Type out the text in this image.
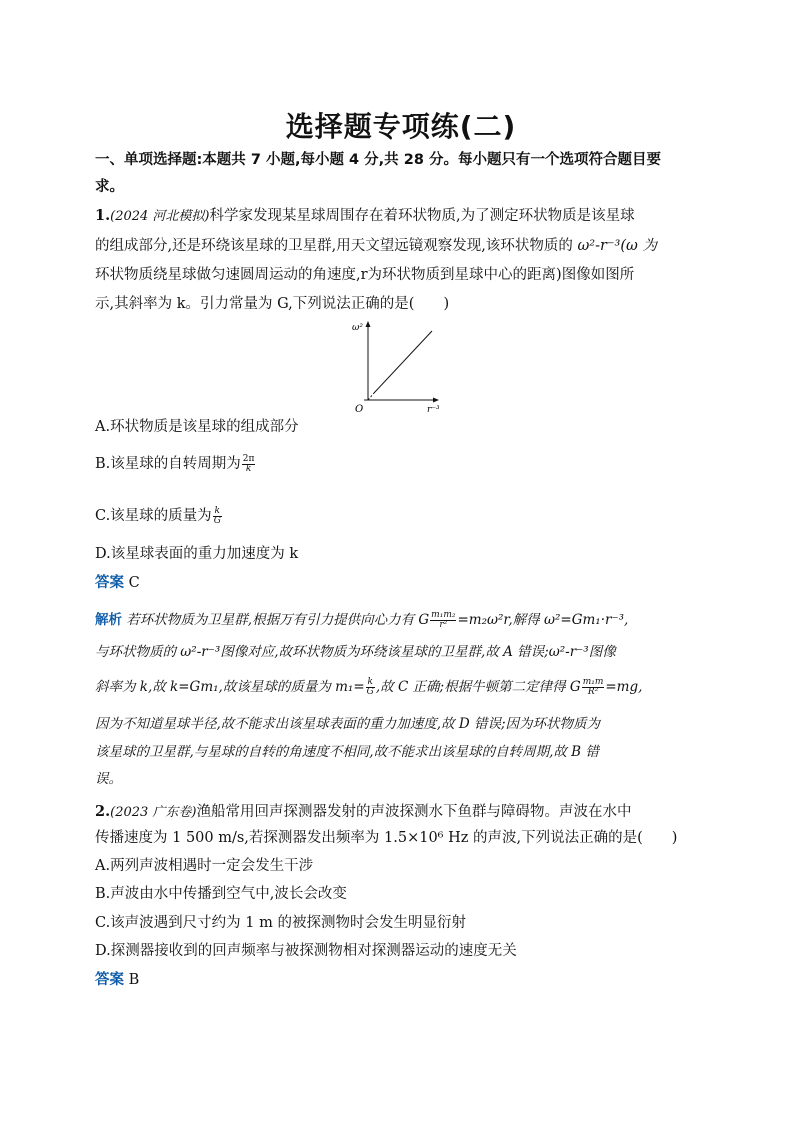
选择题专项练(二)
一、单项选择题:本题共 7 小题,每小题 4 分,共 28 分。每小题只有一个选项符合题目要
求。
1.(2024 河北模拟)科学家发现某星球周围存在着环状物质,为了测定环状物质是该星球
的组成部分,还是环绕该星球的卫星群,用天文望远镜观察发现,该环状物质的 ω²-r⁻³(ω 为
环状物质绕星球做匀速圆周运动的角速度,r为环状物质到星球中心的距离)图像如图所
示,其斜率为 k。引力常量为 G,下列说法正确的是(　　)
ω²
O	r⁻³
A.环状物质是该星球的组成部分
B.该星球的自转周期为 $\frac{2\pi}{k}$
C.该星球的质量为 $\frac{k}{G}$
D.该星球表面的重力加速度为 k
答案 C
解析 若环状物质为卫星群,根据万有引力提供向心力有 G $\frac{\text{m₁m₂}}{\text{r²}} =m_2\omega^2r$,解得 ω²=Gm₁·r⁻³,
与环状物质的 ω²-r⁻³图像对应,故环状物质为环绕该星球的卫星群,故 A 错误;ω²-r⁻³图像
斜率为 k,故 k=Gm₁,故该星球的质量为 $m_1= \frac{k}{G}$ ,故 C 正确;根据牛顿第二定律得 G $\frac{\text{m₁m}}{\text{R²}} =mg$,
因为不知道星球半径,故不能求出该星球表面的重力加速度,故 D 错误;因为环状物质为
该星球的卫星群,与星球的自转的角速度不相同,故不能求出该星球的自转周期,故 B 错
误。
2.(2023 广东卷)渔船常用回声探测器发射的声波探测水下鱼群与障碍物。声波在水中
传播速度为 1 500 m/s,若探测器发出频率为 1.5×10⁶ Hz 的声波,下列说法正确的是(　　)
A.两列声波相遇时一定会发生干涉
B.声波由水中传播到空气中,波长会改变
C.该声波遇到尺寸约为 1 m 的被探测物时会发生明显衍射
D.探测器接收到的回声频率与被探测物相对探测器运动的速度无关
答案 B
